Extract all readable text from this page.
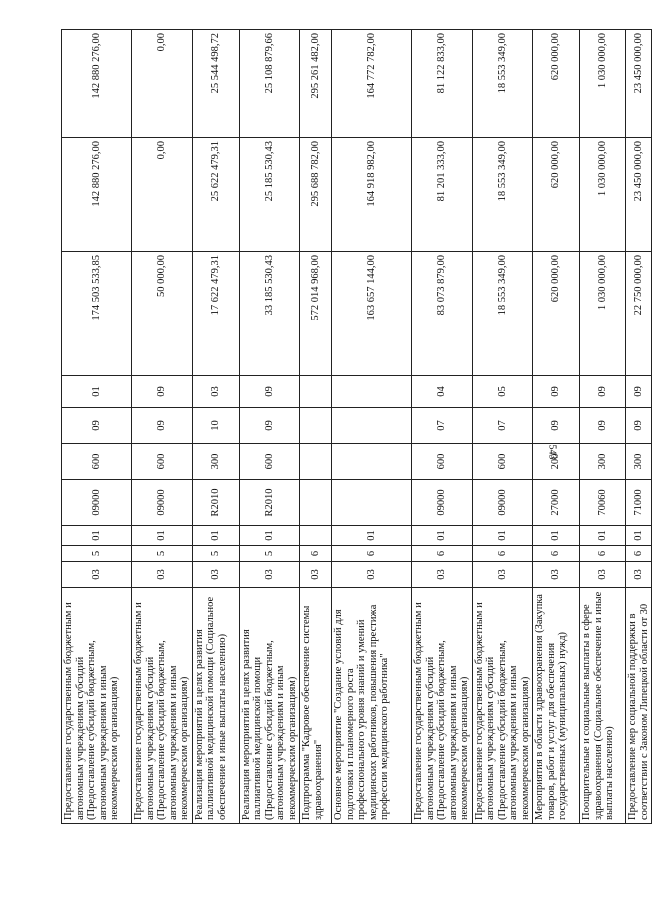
543
Предоставление государственным бюджетным и автономным учреждениям субсидий (Предоставление субсидий бюджетным, автономным учреждениям и иным некоммерческим организациям)	03	5	01	09000	600	09	01	174 503 533,85	142 880 276,00	142 880 276,00
Предоставление государственным бюджетным и автономным учреждениям субсидий (Предоставление субсидий бюджетным, автономным учреждениям и иным некоммерческим организациям)	03	5	01	09000	600	09	09	50 000,00	0,00	0,00
Реализация мероприятий в целях развития паллиативной медицинской помощи (Социальное обеспечение и иные выплаты населению)	03	5	01	R2010	300	10	03	17 622 479,31	25 622 479,31	25 544 498,72
Реализация мероприятий в целях развития паллиативной медицинской помощи (Предоставление субсидий бюджетным, автономным учреждениям и иным некоммерческим организациям)	03	5	01	R2010	600	09	09	33 185 530,43	25 185 530,43	25 108 879,66
Подпрограмма "Кадровое обеспечение системы здравоохранения"	03	6						572 014 968,00	295 688 782,00	295 261 482,00
Основное мероприятие "Создание условий для подготовки и планомерного роста профессионального уровня знаний и умений медицинских работников, повышения престижа профессии медицинского работника"	03	6	01					163 657 144,00	164 918 982,00	164 772 782,00
Предоставление государственным бюджетным и автономным учреждениям субсидий (Предоставление субсидий бюджетным, автономным учреждениям и иным некоммерческим организациям)	03	6	01	09000	600	07	04	83 073 879,00	81 201 333,00	81 122 833,00
Предоставление государственным бюджетным и автономным учреждениям субсидий (Предоставление субсидий бюджетным, автономным учреждениям и иным некоммерческим организациям)	03	6	01	09000	600	07	05	18 553 349,00	18 553 349,00	18 553 349,00
Мероприятия в области здравоохранения (Закупка товаров, работ и услуг для обеспечения государственных (муниципальных) нужд)	03	6	01	27000	200	09	09	620 000,00	620 000,00	620 000,00
Поощрительные и социальные выплаты в сфере здравоохранения (Социальное обеспечение и иные выплаты населению)	03	6	01	70060	300	09	09	1 030 000,00	1 030 000,00	1 030 000,00
Предоставление мер социальной поддержки в соответствии с Законом Липецкой области от 30	03	6	01	71000	300	09	09	22 750 000,00	23 450 000,00	23 450 000,00
